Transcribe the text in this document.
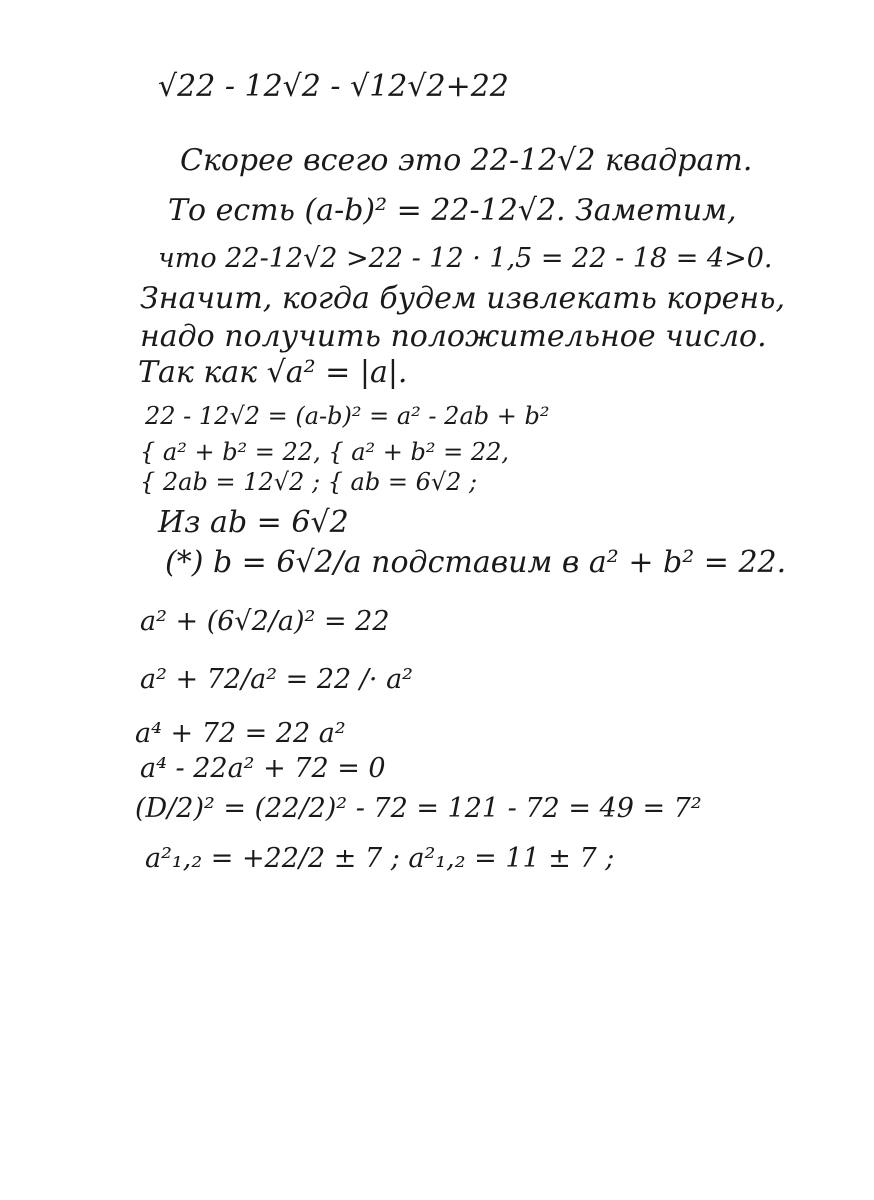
√22 - 12√2 - √12√2+22
Скорее всего это 22-12√2 квадрат.
То есть (a-b)² = 22-12√2. Заметим,
что 22-12√2 >22 - 12 · 1,5 = 22 - 18 = 4>0.
Значит, когда будем извлекать корень,
надо получить положительное число.
Так как √a² = |a|.
22 - 12√2 = (a-b)² = a² - 2ab + b²
{ a² + b² = 22, { a² + b² = 22,
{ 2ab = 12√2 ; { ab = 6√2 ;
Из ab = 6√2
(*) b = 6√2/a подставим в a² + b² = 22.
a² + (6√2/a)² = 22
a² + 72/a² = 22 /· a²
a⁴ + 72 = 22 a²
a⁴ - 22a² + 72 = 0
(D/2)² = (22/2)² - 72 = 121 - 72 = 49 = 7²
a²₁,₂ = +22/2 ± 7 ; a²₁,₂ = 11 ± 7 ;
